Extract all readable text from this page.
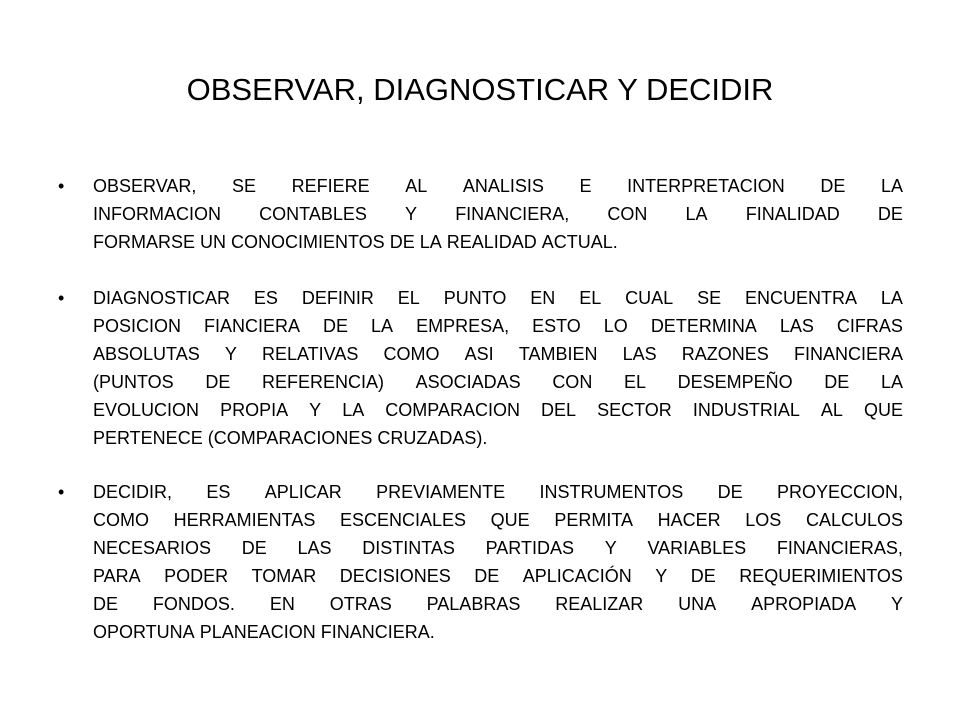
OBSERVAR, DIAGNOSTICAR Y DECIDIR
•	OBSERVAR, SE REFIERE AL ANALISIS E INTERPRETACION DE LA
INFORMACION CONTABLES Y FINANCIERA, CON LA FINALIDAD DE
FORMARSE UN CONOCIMIENTOS DE LA REALIDAD ACTUAL.
•	DIAGNOSTICAR ES DEFINIR EL PUNTO EN EL CUAL SE ENCUENTRA LA
POSICION FIANCIERA DE LA EMPRESA, ESTO LO DETERMINA LAS CIFRAS
ABSOLUTAS Y RELATIVAS COMO ASI TAMBIEN LAS RAZONES FINANCIERA
(PUNTOS DE REFERENCIA) ASOCIADAS CON EL DESEMPEÑO DE LA
EVOLUCION PROPIA Y LA COMPARACION DEL SECTOR INDUSTRIAL AL QUE
PERTENECE (COMPARACIONES CRUZADAS).
•	DECIDIR, ES APLICAR PREVIAMENTE INSTRUMENTOS DE PROYECCION,
COMO HERRAMIENTAS ESCENCIALES QUE PERMITA HACER LOS CALCULOS
NECESARIOS DE LAS DISTINTAS PARTIDAS Y VARIABLES FINANCIERAS,
PARA PODER TOMAR DECISIONES DE APLICACIÓN Y DE REQUERIMIENTOS
DE FONDOS. EN OTRAS PALABRAS REALIZAR UNA APROPIADA Y
OPORTUNA PLANEACION FINANCIERA.
